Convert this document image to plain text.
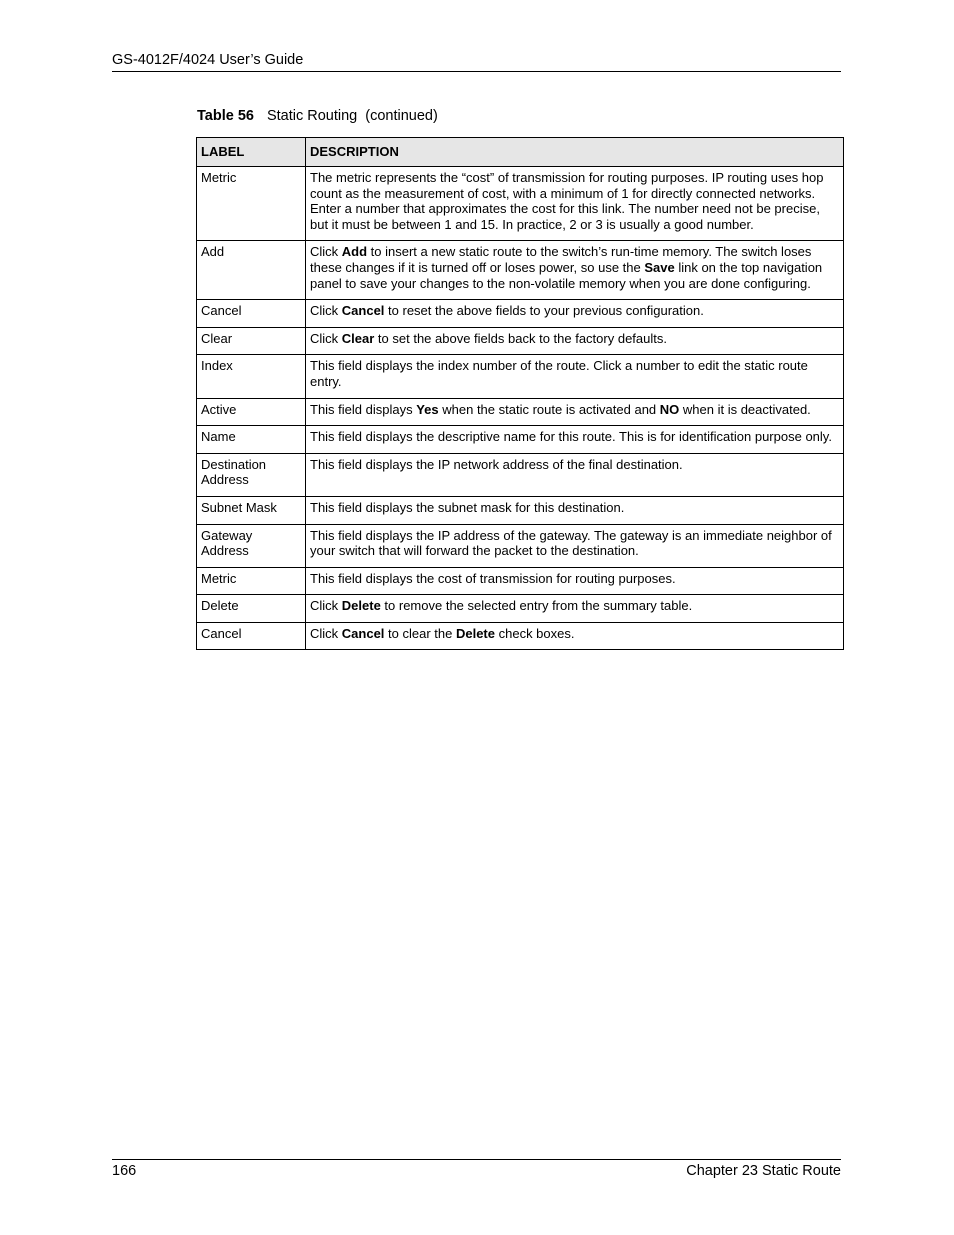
GS-4012F/4024 User’s Guide
Table 56 Static Routing  (continued)
LABEL	DESCRIPTION
Metric	The metric represents the “cost” of transmission for routing purposes. IP routing uses hop count as the measurement of cost, with a minimum of 1 for directly connected networks. Enter a number that approximates the cost for this link. The number need not be precise, but it must be between 1 and 15. In practice, 2 or 3 is usually a good number.
Add	Click Add to insert a new static route to the switch’s run-time memory. The switch loses these changes if it is turned off or loses power, so use the Save link on the top navigation panel to save your changes to the non-volatile memory when you are done configuring.
Cancel	Click Cancel to reset the above fields to your previous configuration.
Clear	Click Clear to set the above fields back to the factory defaults.
Index	This field displays the index number of the route. Click a number to edit the static route entry.
Active	This field displays Yes when the static route is activated and NO when it is deactivated.
Name	This field displays the descriptive name for this route. This is for identification purpose only.
Destination Address	This field displays the IP network address of the final destination.
Subnet Mask	This field displays the subnet mask for this destination.
Gateway Address	This field displays the IP address of the gateway. The gateway is an immediate neighbor of your switch that will forward the packet to the destination.
Metric	This field displays the cost of transmission for routing purposes.
Delete	Click Delete to remove the selected entry from the summary table.
Cancel	Click Cancel to clear the Delete check boxes.
166	Chapter 23 Static Route
